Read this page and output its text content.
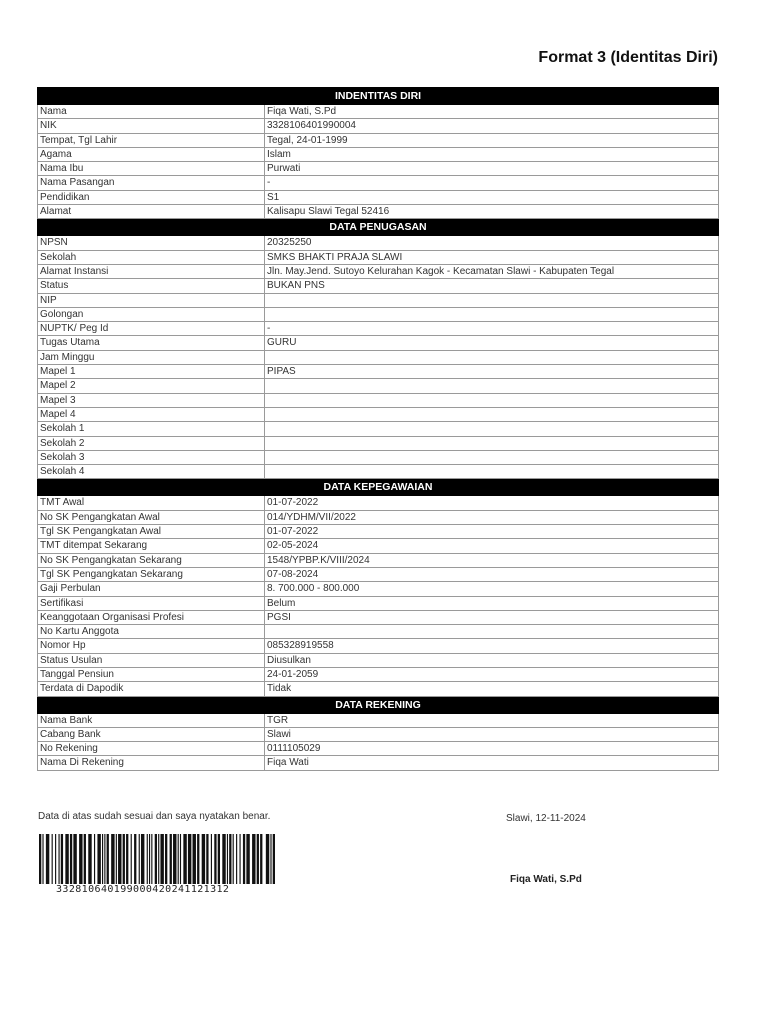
Format 3 (Identitas Diri)
INDENTITAS DIRI	
Nama	Fiqa Wati, S.Pd
NIK	3328106401990004
Tempat, Tgl Lahir	Tegal, 24-01-1999
Agama	Islam
Nama Ibu	Purwati
Nama Pasangan	-
Pendidikan	S1
Alamat	Kalisapu Slawi Tegal 52416
DATA PENUGASAN	
NPSN	20325250
Sekolah	SMKS BHAKTI PRAJA SLAWI
Alamat Instansi	Jln. May.Jend. Sutoyo Kelurahan Kagok - Kecamatan Slawi - Kabupaten Tegal
Status	BUKAN PNS
NIP	
Golongan	
NUPTK/ Peg Id	-
Tugas Utama	GURU
Jam Minggu	
Mapel 1	PIPAS
Mapel 2	
Mapel 3	
Mapel 4	
Sekolah 1	
Sekolah 2	
Sekolah 3	
Sekolah 4	
DATA KEPEGAWAIAN	
TMT Awal	01-07-2022
No SK Pengangkatan Awal	014/YDHM/VII/2022
Tgl SK Pengangkatan Awal	01-07-2022
TMT ditempat Sekarang	02-05-2024
No SK Pengangkatan Sekarang	1548/YPBP.K/VIII/2024
Tgl SK Pengangkatan Sekarang	07-08-2024
Gaji Perbulan	8. 700.000 - 800.000
Sertifikasi	Belum
Keanggotaan Organisasi Profesi	PGSI
No Kartu Anggota	
Nomor Hp	085328919558
Status Usulan	Diusulkan
Tanggal Pensiun	24-01-2059
Terdata di Dapodik	Tidak
DATA REKENING	
Nama Bank	TGR
Cabang Bank	Slawi
No Rekening	0111105029
Nama Di Rekening	Fiqa Wati
Data di atas sudah sesuai dan saya nyatakan benar.	Slawi, 12-11-2024
332810640199000420241121312
Fiqa Wati, S.Pd
